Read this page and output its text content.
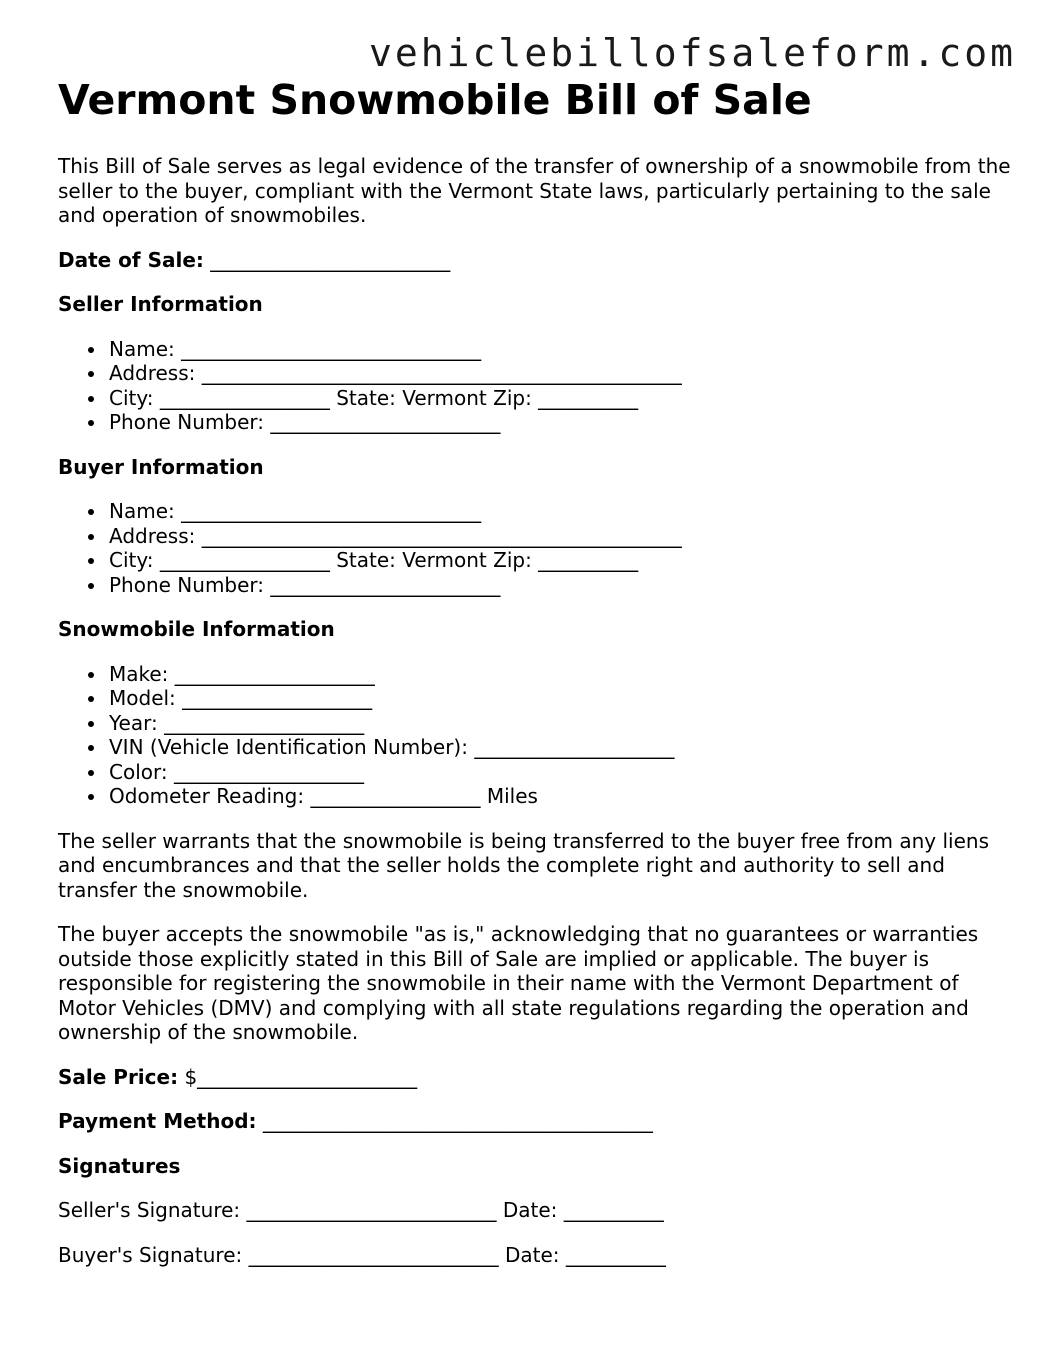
vehiclebillofsaleform.com
Vermont Snowmobile Bill of Sale

This Bill of Sale serves as legal evidence of the transfer of ownership of a snowmobile from the seller to the buyer, compliant with the Vermont State laws, particularly pertaining to the sale and operation of snowmobiles.

Date of Sale: ________________________
Seller Information
Name: ______________________________
Address: ________________________________________________
City: _________________ State: Vermont Zip: __________
Phone Number: _______________________
Buyer Information
Name: ______________________________
Address: ________________________________________________
City: _________________ State: Vermont Zip: __________
Phone Number: _______________________
Snowmobile Information
Make: ____________________
Model: ___________________
Year: ____________________
VIN (Vehicle Identification Number): ____________________
Color: ___________________
Odometer Reading: _________________ Miles

The seller warrants that the snowmobile is being transferred to the buyer free from any liens and encumbrances and that the seller holds the complete right and authority to sell and transfer the snowmobile.

The buyer accepts the snowmobile "as is," acknowledging that no guarantees or warranties outside those explicitly stated in this Bill of Sale are implied or applicable. The buyer is responsible for registering the snowmobile in their name with the Vermont Department of Motor Vehicles (DMV) and complying with all state regulations regarding the operation and ownership of the snowmobile.

Sale Price: $______________________
Payment Method: _______________________________________
Signatures
Seller's Signature: _________________________ Date: __________
Buyer's Signature: _________________________ Date: __________
